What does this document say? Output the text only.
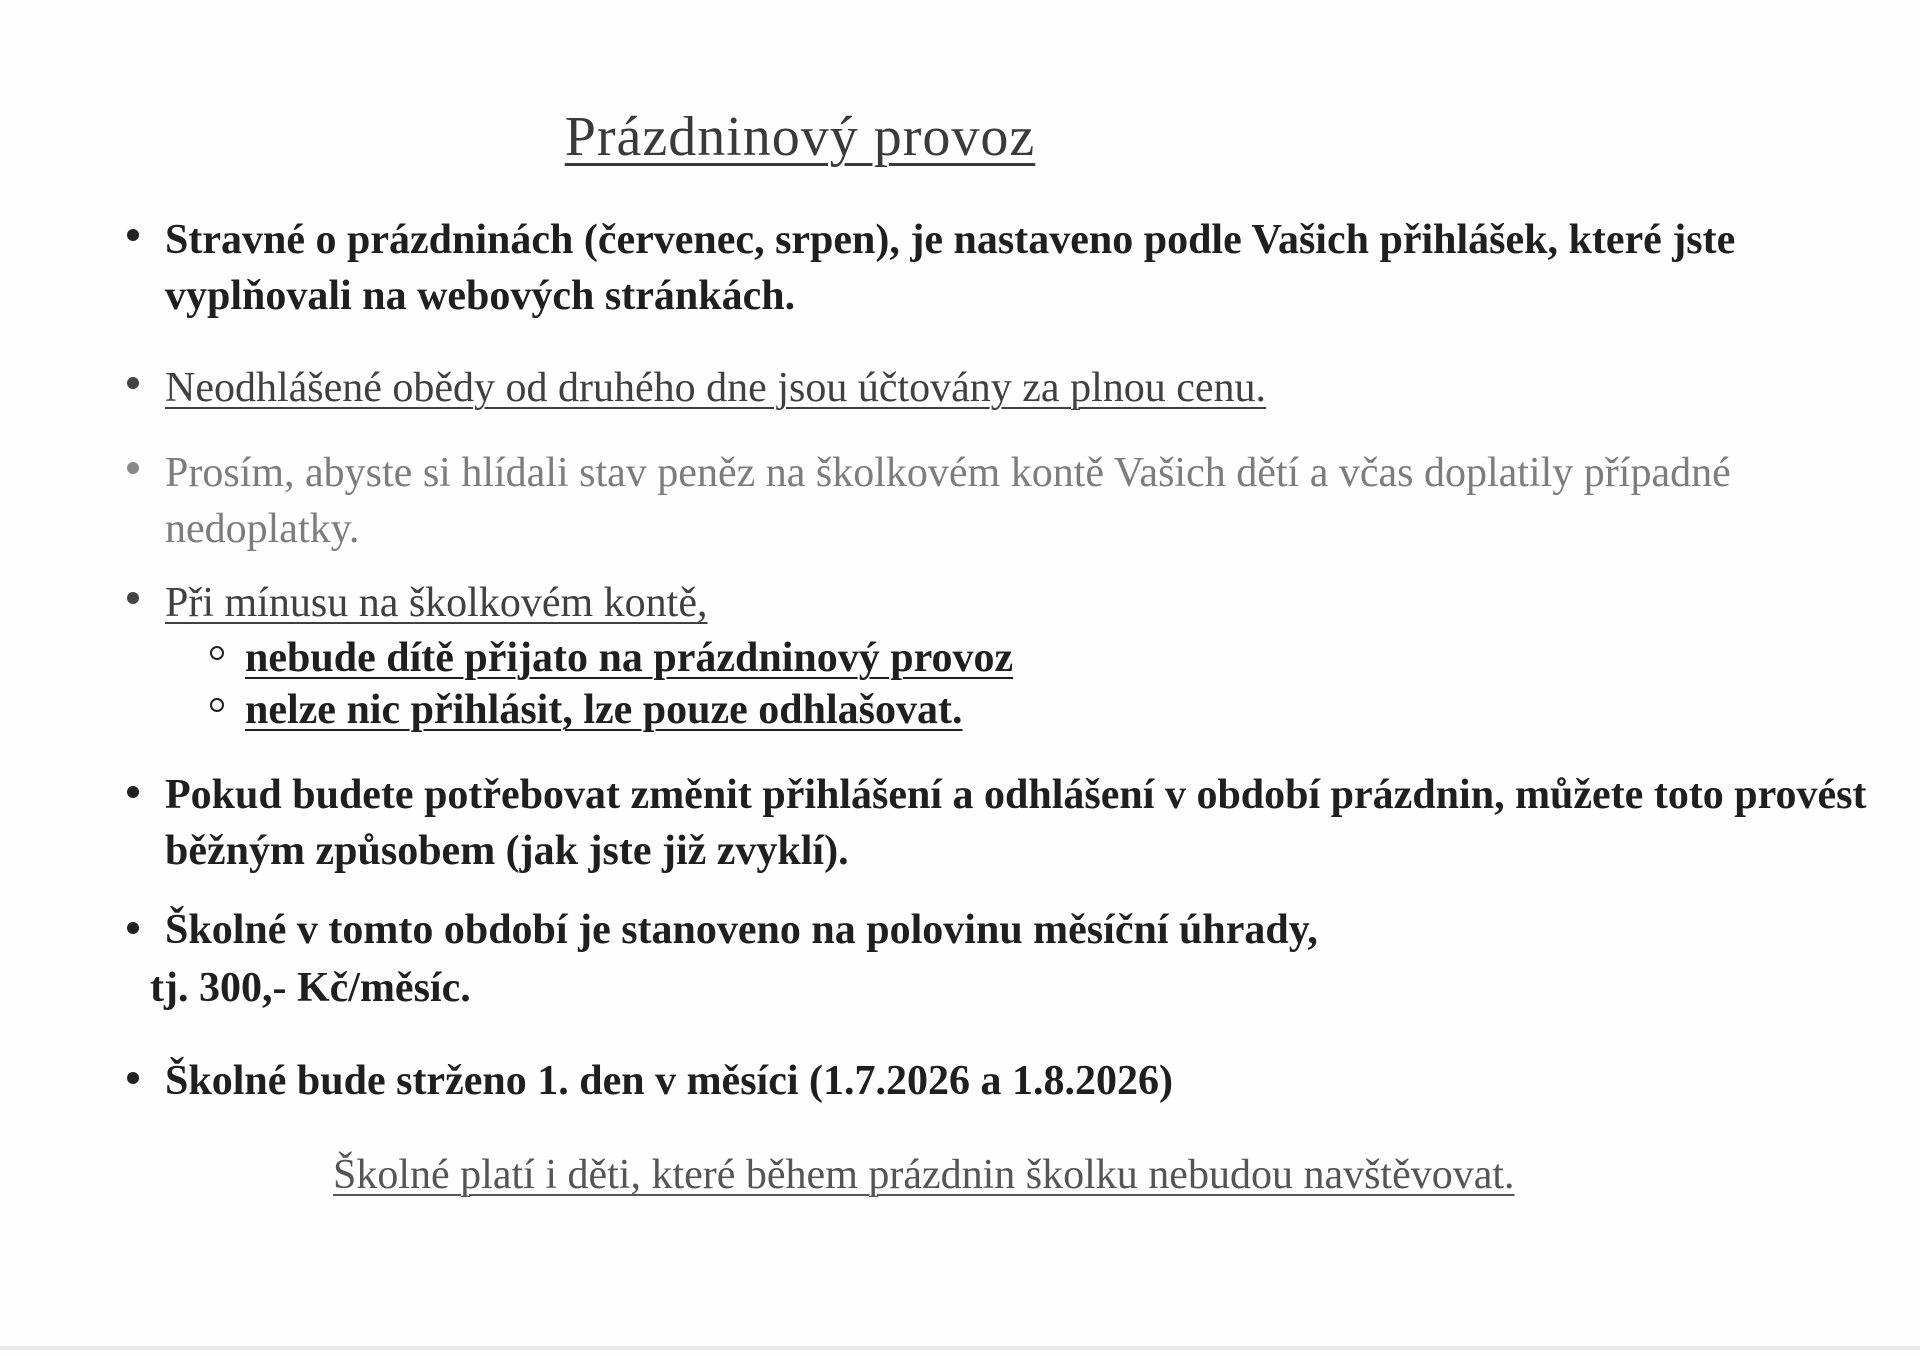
Prázdninový provoz
Stravné o prázdninách (červenec, srpen), je nastaveno podle Vašich přihlášek, které jste vyplňovali na webových stránkách.
Neodhlášené obědy od druhého dne jsou účtovány za plnou cenu.
Prosím, abyste si hlídali stav peněz na školkovém kontě Vašich dětí a včas doplatily případné nedoplatky.
Při mínusu na školkovém kontě,
nebude dítě přijato na prázdninový provoz
nelze nic přihlásit, lze pouze odhlašovat.
Pokud budete potřebovat změnit přihlášení a odhlášení v období prázdnin, můžete toto provést běžným způsobem (jak jste již zvyklí).
Školné v tomto období je stanoveno na polovinu měsíční úhrady,
tj. 300,- Kč/měsíc.
Školné bude strženo 1. den v měsíci (1.7.2026 a 1.8.2026)
Školné platí i děti, které během prázdnin školku nebudou navštěvovat.
